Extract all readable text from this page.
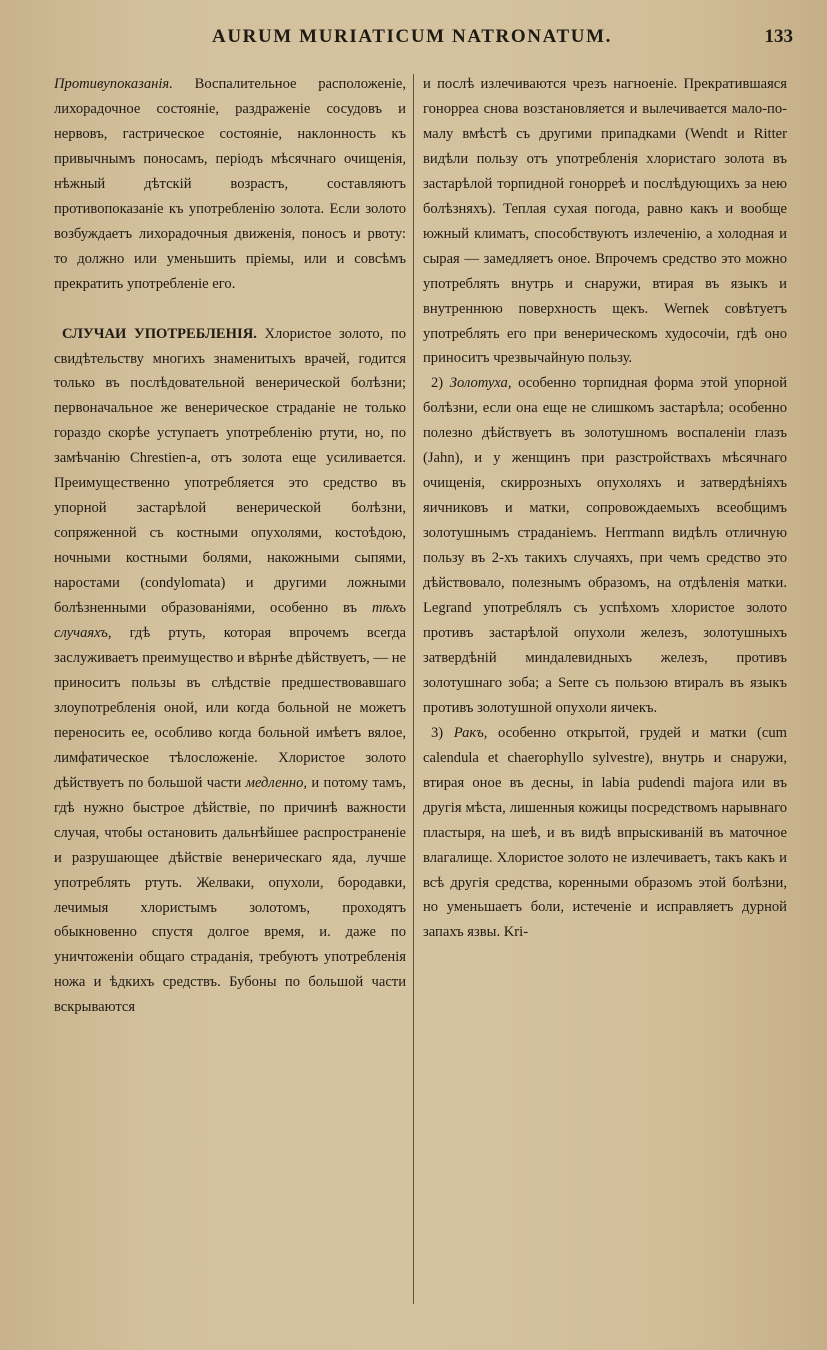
AURUM MURIATICUM NATRONATUM.	133

Противупоказанія. Воспалительное расположеніе, лихорадочное состояніе, раздраженіе сосудовъ и нервовъ, гастрическое состояніе, наклонность къ привычнымъ поносамъ, періодъ мѣсячнаго очищенія, нѣжный дѣтскій возрастъ, составляютъ противопоказаніе къ употребленію золота. Если золото возбуждаетъ лихорадочныя движенія, поносъ и рвоту: то должно или уменьшить пріемы, или и совсѣмъ прекратить употребленіе его.

СЛУЧАИ УПОТРЕБЛЕНІЯ. Хлористое золото, по свидѣтельству многихъ знаменитыхъ врачей, годится только въ послѣдовательной венерической болѣзни; первоначальное же венерическое страданіе не только гораздо скорѣе уступаетъ употребленію ртути, но, по замѣчанію Chrestien-а, отъ золота еще усиливается. Преимущественно употребляется это средство въ упорной застарѣлой венерической болѣзни, сопряженной съ костными опухолями, костоѣдою, ночными костными болями, накожными сыпями, наростами (condylomata) и другими ложными болѣзненными образованіями, особенно въ тѣхъ случаяхъ, гдѣ ртуть, которая впрочемъ всегда заслуживаетъ преимущество и вѣрнѣе дѣйствуетъ, — не приноситъ пользы въ слѣдствіе предшествовавшаго злоупотребленія оной, или когда больной не можетъ переносить ее, особливо когда больной имѣетъ вялое, лимфатическое тѣлосложеніе. Хлористое золото дѣйствуетъ по большой части медленно, и потому тамъ, гдѣ нужно быстрое дѣйствіе, по причинѣ важности случая, чтобы остановить дальнѣйшее распространеніе и разрушающее дѣйствіе венерическаго яда, лучше употреблять ртуть. Желваки, опухоли, бородавки, лечимыя хлористымъ золотомъ, проходятъ обыкновенно спустя долгое время, и. даже по уничтоженіи общаго страданія, требуютъ употребленія ножа и ѣдкихъ средствъ. Бубоны по большой части вскрываются

и послѣ излечиваются чрезъ нагноеніе. Прекратившаяся гонорреа снова возстановляется и вылечивается мало-по-малу вмѣстѣ съ другими припадками (Wendt и Ritter видѣли пользу отъ употребленія хлористаго золота въ застарѣлой торпидной гонорреѣ и послѣдующихъ за нею болѣзняхъ). Теплая сухая погода, равно какъ и вообще южный климатъ, способствуютъ излеченію, а холодная и сырая — замедляетъ оное. Впрочемъ средство это можно употреблять внутрь и снаружи, втирая въ языкъ и внутреннюю поверхность щекъ. Wernek совѣтуетъ употреблять его при венерическомъ худосочіи, гдѣ оно приноситъ чрезвычайную пользу.

2) Золотуха, особенно торпидная форма этой упорной болѣзни, если она еще не слишкомъ застарѣла; особенно полезно дѣйствуетъ въ золотушномъ воспаленіи глазъ (Jahn), и у женщинъ при разстройствахъ мѣсячнаго очищенія, скиррозныхъ опухоляхъ и затвердѣніяхъ яичниковъ и матки, сопровождаемыхъ всеобщимъ золотушнымъ страданіемъ. Herrmann видѣлъ отличную пользу въ 2-хъ такихъ случаяхъ, при чемъ средство это дѣйствовало, полезнымъ образомъ, на отдѣленія матки. Legrand употреблялъ съ успѣхомъ хлористое золото противъ застарѣлой опухоли железъ, золотушныхъ затвердѣній миндалевидныхъ железъ, противъ золотушнаго зоба; а Serre съ пользою втиралъ въ языкъ противъ золотушной опухоли яичекъ.

3) Ракъ, особенно открытой, грудей и матки (cum calendula et chaerophyllo sylvestre), внутрь и снаружи, втирая оное въ десны, in labia pudendi majora или въ другія мѣста, лишенныя кожицы посредствомъ нарывнаго пластыря, на шеѣ, и въ видѣ впрыскиваній въ маточное влагалище. Хлористое золото не излечиваетъ, такъ какъ и всѣ другія средства, коренными образомъ этой болѣзни, но уменьшаетъ боли, истеченіе и исправляетъ дурной запахъ язвы. Kri-
